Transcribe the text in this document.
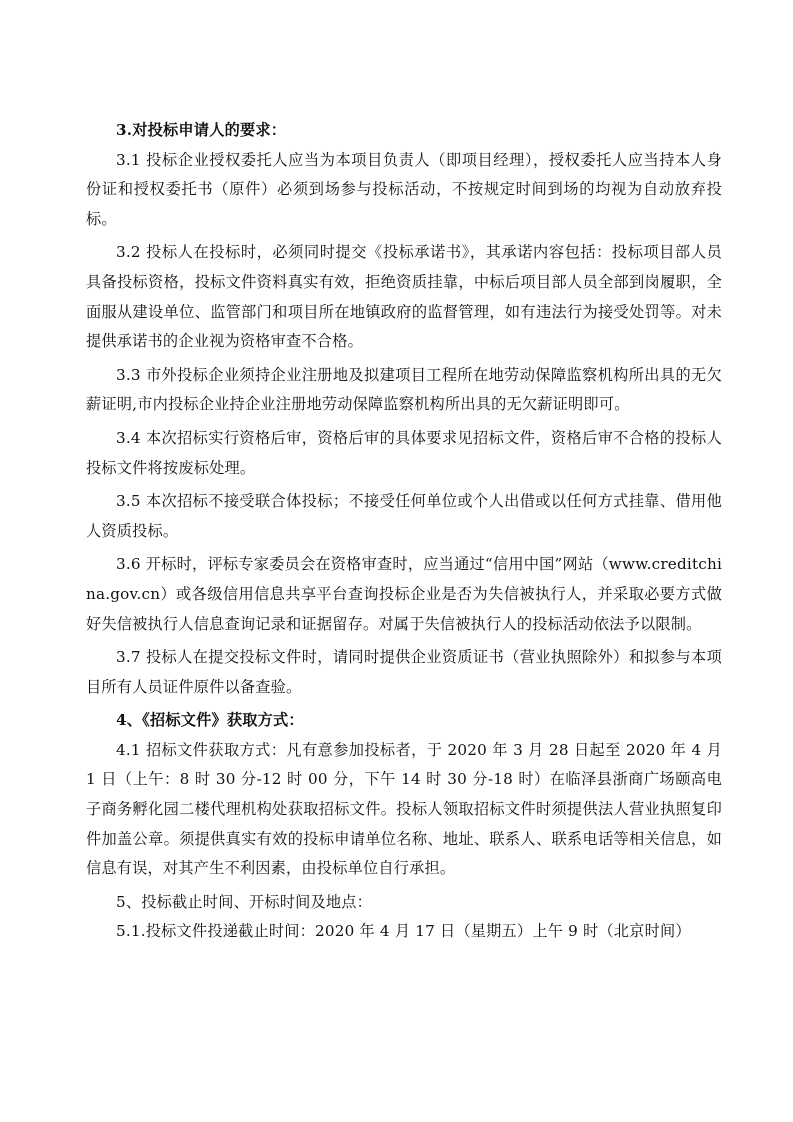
3.对投标申请人的要求：

3.1 投标企业授权委托人应当为本项目负责人（即项目经理），授权委托人应当持本人身份证和授权委托书（原件）必须到场参与投标活动，不按规定时间到场的均视为自动放弃投标。

3.2 投标人在投标时，必须同时提交《投标承诺书》，其承诺内容包括：投标项目部人员具备投标资格，投标文件资料真实有效，拒绝资质挂靠，中标后项目部人员全部到岗履职，全面服从建设单位、监管部门和项目所在地镇政府的监督管理，如有违法行为接受处罚等。对未提供承诺书的企业视为资格审查不合格。

3.3 市外投标企业须持企业注册地及拟建项目工程所在地劳动保障监察机构所出具的无欠薪证明,市内投标企业持企业注册地劳动保障监察机构所出具的无欠薪证明即可。

3.4 本次招标实行资格后审，资格后审的具体要求见招标文件，资格后审不合格的投标人投标文件将按废标处理。

3.5 本次招标不接受联合体投标；不接受任何单位或个人出借或以任何方式挂靠、借用他人资质投标。

3.6 开标时，评标专家委员会在资格审查时，应当通过“信用中国”网站（www.creditchina.gov.cn）或各级信用信息共享平台查询投标企业是否为失信被执行人，并采取必要方式做好失信被执行人信息查询记录和证据留存。对属于失信被执行人的投标活动依法予以限制。

3.7 投标人在提交投标文件时，请同时提供企业资质证书（营业执照除外）和拟参与本项目所有人员证件原件以备查验。

4、《招标文件》获取方式：

4.1 招标文件获取方式：凡有意参加投标者，于 2020 年 3 月 28 日起至 2020 年 4 月 1 日（上午：8 时 30 分-12 时 00 分，下午 14 时 30 分-18 时）在临泽县浙商广场颐高电子商务孵化园二楼代理机构处获取招标文件。投标人领取招标文件时须提供法人营业执照复印件加盖公章。须提供真实有效的投标申请单位名称、地址、联系人、联系电话等相关信息，如信息有误，对其产生不利因素，由投标单位自行承担。

5、投标截止时间、开标时间及地点：

5.1.投标文件投递截止时间：2020 年 4 月 17 日（星期五）上午 9 时（北京时间）
